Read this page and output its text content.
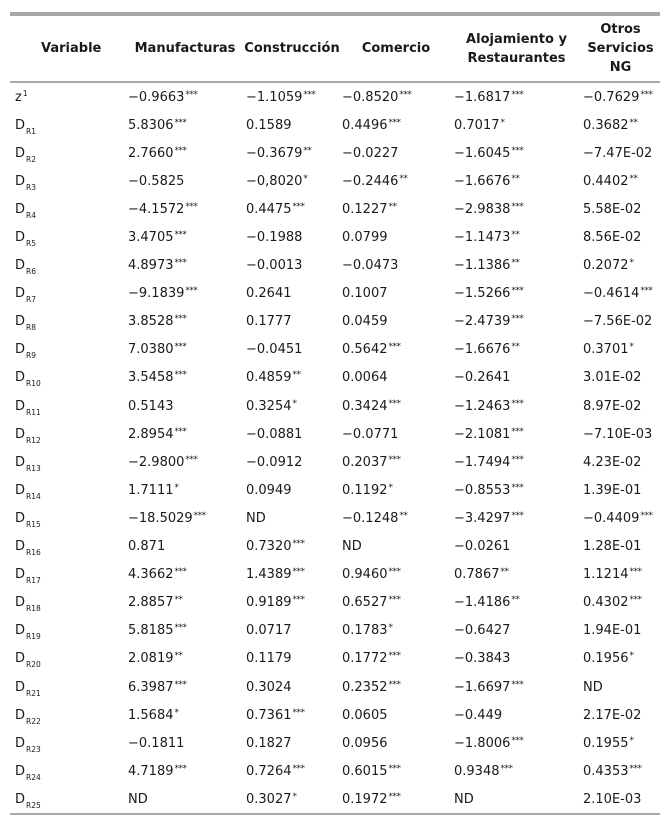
Variable	Manufacturas	Construcción	Comercio	Alojamiento y Restaurantes	Otros Servicios NG
$z^1$	−0.9663***	−1.1059***	−0.8520***	−1.6817***	−0.7629***
$D_{R1}$	5.8306***	0.1589	0.4496***	0.7017*	0.3682**
$D_{R2}$	2.7660***	−0.3679**	−0.0227	−1.6045***	−7.47E-02
$D_{R3}$	−0.5825	−0,8020*	−0.2446**	−1.6676**	0.4402**
$D_{R4}$	−4.1572***	0.4475***	0.1227**	−2.9838***	5.58E-02
$D_{R5}$	3.4705***	−0.1988	0.0799	−1.1473**	8.56E-02
$D_{R6}$	4.8973***	−0.0013	−0.0473	−1.1386**	0.2072*
$D_{R7}$	−9.1839***	0.2641	0.1007	−1.5266***	−0.4614***
$D_{R8}$	3.8528***	0.1777	0.0459	−2.4739***	−7.56E-02
$D_{R9}$	7.0380***	−0.0451	0.5642***	−1.6676**	0.3701*
$D_{R10}$	3.5458***	0.4859**	0.0064	−0.2641	3.01E-02
$D_{R11}$	0.5143	0.3254*	0.3424***	−1.2463***	8.97E-02
$D_{R12}$	2.8954***	−0.0881	−0.0771	−2.1081***	−7.10E-03
$D_{R13}$	−2.9800***	−0.0912	0.2037***	−1.7494***	4.23E-02
$D_{R14}$	1.7111*	0.0949	0.1192*	−0.8553***	1.39E-01
$D_{R15}$	−18.5029***	ND	−0.1248**	−3.4297***	−0.4409***
$D_{R16}$	0.871	0.7320***	ND	−0.0261	1.28E-01
$D_{R17}$	4.3662***	1.4389***	0.9460***	0.7867**	1.1214***
$D_{R18}$	2.8857**	0.9189***	0.6527***	−1.4186**	0.4302***
$D_{R19}$	5.8185***	0.0717	0.1783*	−0.6427	1.94E-01
$D_{R20}$	2.0819**	0.1179	0.1772***	−0.3843	0.1956*
$D_{R21}$	6.3987***	0.3024	0.2352***	−1.6697***	ND
$D_{R22}$	1.5684*	0.7361***	0.0605	−0.449	2.17E-02
$D_{R23}$	−0.1811	0.1827	0.0956	−1.8006***	0.1955*
$D_{R24}$	4.7189***	0.7264***	0.6015***	0.9348***	0.4353***
$D_{R25}$	ND	0.3027*	0.1972***	ND	2.10E-03
